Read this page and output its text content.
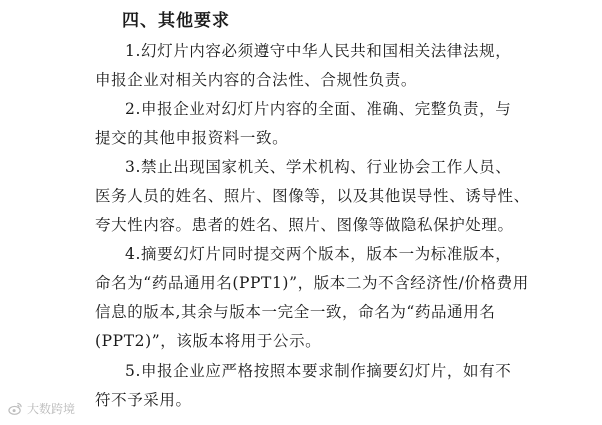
四、其他要求
1.幻灯片内容必须遵守中华人民共和国相关法律法规，
申报企业对相关内容的合法性、合规性负责。
2.申报企业对幻灯片内容的全面、准确、完整负责，与
提交的其他申报资料一致。
3.禁止出现国家机关、学术机构、行业协会工作人员、
医务人员的姓名、照片、图像等，以及其他误导性、诱导性、
夸大性内容。患者的姓名、照片、图像等做隐私保护处理。
4.摘要幻灯片同时提交两个版本，版本一为标准版本，
命名为“药品通用名(PPT1)”，版本二为不含经济性/价格费用
信息的版本,其余与版本一完全一致，命名为“药品通用名
(PPT2)”，该版本将用于公示。
5.申报企业应严格按照本要求制作摘要幻灯片，如有不
符不予采用。
大数跨境
